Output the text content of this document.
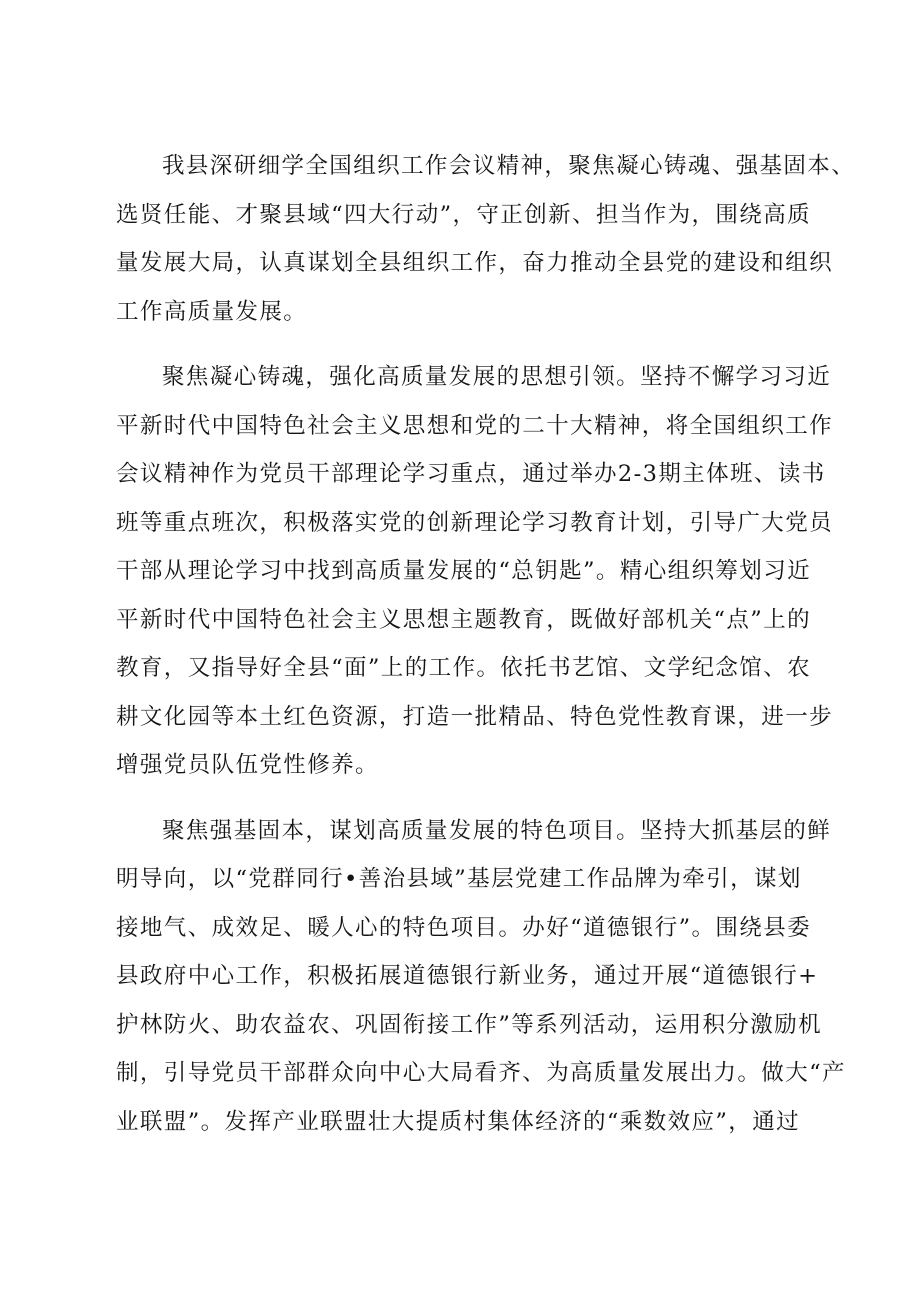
我县深研细学全国组织工作会议精神，聚焦凝心铸魂、强基固本、
选贤任能、才聚县域“四大行动”，守正创新、担当作为，围绕高质
量发展大局，认真谋划全县组织工作，奋力推动全县党的建设和组织
工作高质量发展。

聚焦凝心铸魂，强化高质量发展的思想引领。坚持不懈学习习近
平新时代中国特色社会主义思想和党的二十大精神，将全国组织工作
会议精神作为党员干部理论学习重点，通过举办2-3期主体班、读书
班等重点班次，积极落实党的创新理论学习教育计划，引导广大党员
干部从理论学习中找到高质量发展的“总钥匙”。精心组织筹划习近
平新时代中国特色社会主义思想主题教育，既做好部机关“点”上的
教育，又指导好全县“面”上的工作。依托书艺馆、文学纪念馆、农
耕文化园等本土红色资源，打造一批精品、特色党性教育课，进一步
增强党员队伍党性修养。

聚焦强基固本，谋划高质量发展的特色项目。坚持大抓基层的鲜
明导向，以“党群同行•善治县域”基层党建工作品牌为牵引，谋划
接地气、成效足、暖人心的特色项目。办好“道德银行”。围绕县委
县政府中心工作，积极拓展道德银行新业务，通过开展“道德银行+
护林防火、助农益农、巩固衔接工作”等系列活动，运用积分激励机
制，引导党员干部群众向中心大局看齐、为高质量发展出力。做大“产
业联盟”。发挥产业联盟壮大提质村集体经济的“乘数效应”，通过
